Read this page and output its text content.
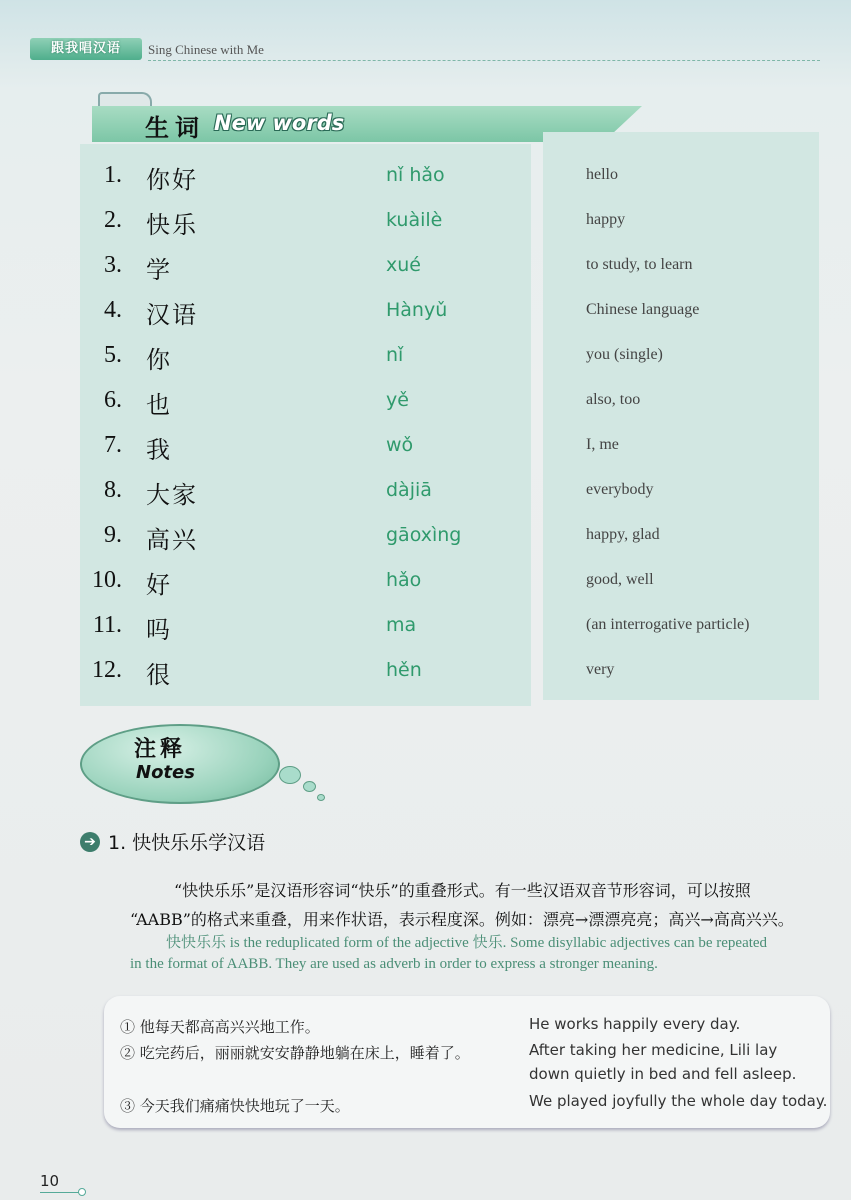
跟我唱汉语	Sing Chinese with Me
生词 New words
1. 你好	nǐ hǎo	hello
2. 快乐	kuàilè	happy
3. 学	xué	to study, to learn
4. 汉语	Hànyǔ	Chinese language
5. 你	nǐ	you (single)
6. 也	yě	also, too
7. 我	wǒ	I, me
8. 大家	dàjiā	everybody
9. 高兴	gāoxìng	happy, glad
10. 好	hǎo	good, well
11. 吗	ma	(an interrogative particle)
12. 很	hěn	very
注释
Notes
➔ 1. 快快乐乐学汉语
“快快乐乐”是汉语形容词“快乐”的重叠形式。有一些汉语双音节形容词，可以按照
“AABB”的格式来重叠，用来作状语，表示程度深。例如：漂亮→漂漂亮亮；高兴→高高兴兴。
快快乐乐 is the reduplicated form of the adjective 快乐. Some disyllabic adjectives can be repeated
in the format of AABB. They are used as adverb in order to express a stronger meaning.
① 他每天都高高兴兴地工作。	He works happily every day.
② 吃完药后，丽丽就安安静静地躺在床上，睡着了。	After taking her medicine, Lili lay
down quietly in bed and fell asleep.
③ 今天我们痛痛快快地玩了一天。	We played joyfully the whole day today.
10
